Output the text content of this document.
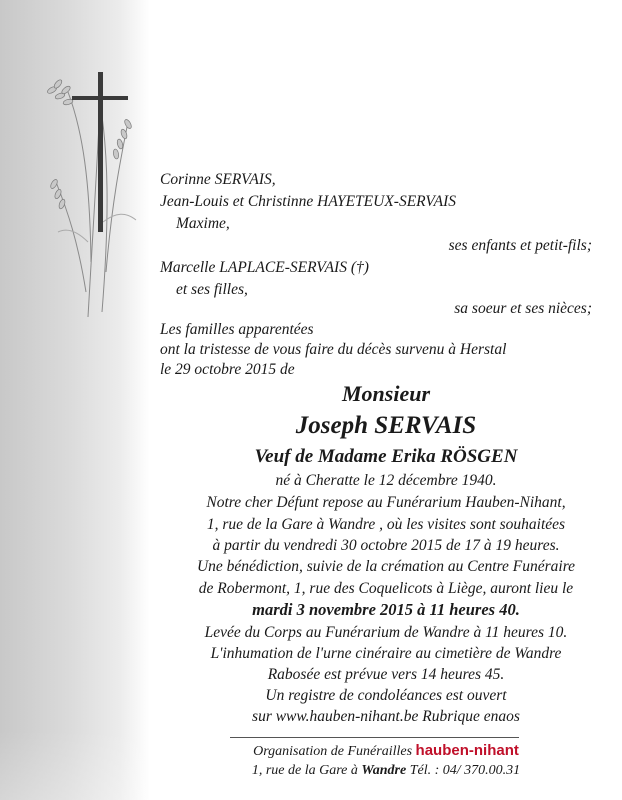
Corinne SERVAIS,
Jean-Louis et Christinne HAYETEUX-SERVAIS
Maxime,
ses enfants et petit-fils;
Marcelle LAPLACE-SERVAIS (†)
et ses filles,
sa soeur et ses nièces;
Les familles apparentées
ont la tristesse de vous faire du décès survenu à Herstal
le 29 octobre 2015 de
Monsieur
Joseph SERVAIS
Veuf de Madame Erika RÖSGEN
né à Cheratte le 12 décembre 1940.
Notre cher Défunt repose au Funérarium Hauben-Nihant,
1, rue de la Gare à Wandre , où les visites sont souhaitées
à partir du vendredi 30 octobre 2015 de 17 à 19 heures.
Une bénédiction, suivie de la crémation au Centre Funéraire
de Robermont, 1, rue des Coquelicots à Liège, auront lieu le
mardi 3 novembre 2015 à 11 heures 40.
Levée du Corps au Funérarium de Wandre à 11 heures 10.
L'inhumation de l'urne cinéraire au cimetière de Wandre
Rabosée est prévue vers 14 heures 45.
Un registre de condoléances est ouvert
sur www.hauben-nihant.be Rubrique enaos
Organisation de Funérailles hauben-nihant
1, rue de la Gare à Wandre Tél. : 04/ 370.00.31
